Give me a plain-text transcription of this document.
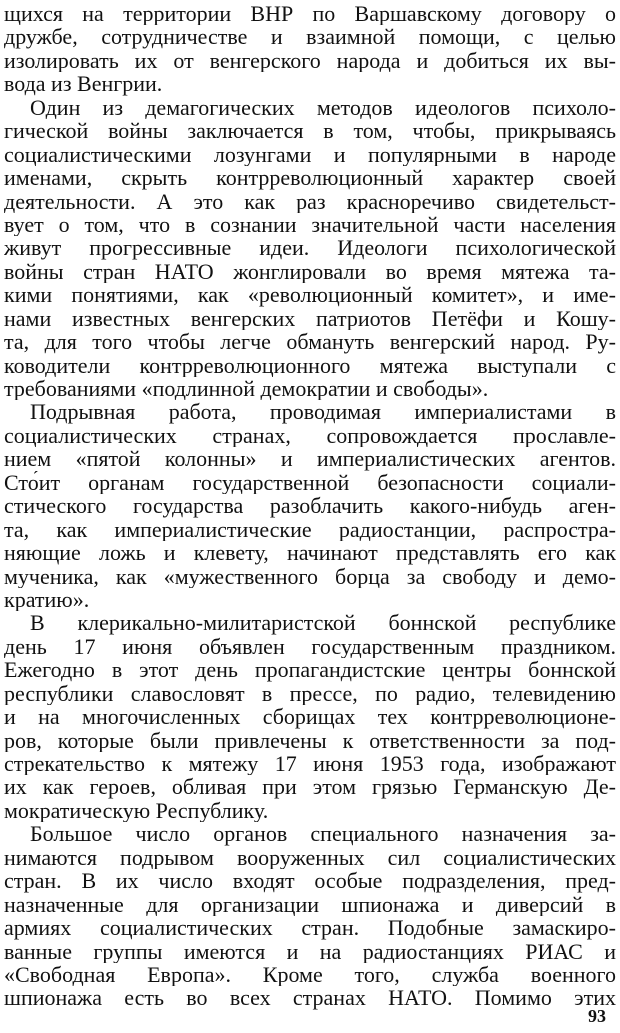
щихся на территории ВНР по Варшавскому договору о
дружбе, сотрудничестве и взаимной помощи, с целью
изолировать их от венгерского народа и добиться их вы-
вода из Венгрии.
Один из демагогических методов идеологов психоло-
гической войны заключается в том, чтобы, прикрываясь
социалистическими лозунгами и популярными в народе
именами, скрыть контрреволюционный характер своей
деятельности. А это как раз красноречиво свидетельст-
вует о том, что в сознании значительной части населения
живут прогрессивные идеи. Идеологи психологической
войны стран НАТО жонглировали во время мятежа та-
кими понятиями, как «революционный комитет», и име-
нами известных венгерских патриотов Петёфи и Кошу-
та, для того чтобы легче обмануть венгерский народ. Ру-
ководители контрреволюционного мятежа выступали с
требованиями «подлинной демократии и свободы».
Подрывная работа, проводимая империалистами в
социалистических странах, сопровождается прославле-
нием «пятой колонны» и империалистических агентов.
Сто́ит органам государственной безопасности социали-
стического государства разоблачить какого-нибудь аген-
та, как империалистические радиостанции, распростра-
няющие ложь и клевету, начинают представлять его как
мученика, как «мужественного борца за свободу и демо-
кратию».
В клерикально-милитаристской боннской республике
день 17 июня объявлен государственным праздником.
Ежегодно в этот день пропагандистские центры боннской
республики славословят в прессе, по радио, телевидению
и на многочисленных сборищах тех контрреволюционе-
ров, которые были привлечены к ответственности за под-
стрекательство к мятежу 17 июня 1953 года, изображают
их как героев, обливая при этом грязью Германскую Де-
мократическую Республику.
Большое число органов специального назначения за-
нимаются подрывом вооруженных сил социалистических
стран. В их число входят особые подразделения, пред-
назначенные для организации шпионажа и диверсий в
армиях социалистических стран. Подобные замаскиро-
ванные группы имеются и на радиостанциях РИАС и
«Свободная Европа». Кроме того, служба военного
шпионажа есть во всех странах НАТО. Помимо этих
93
